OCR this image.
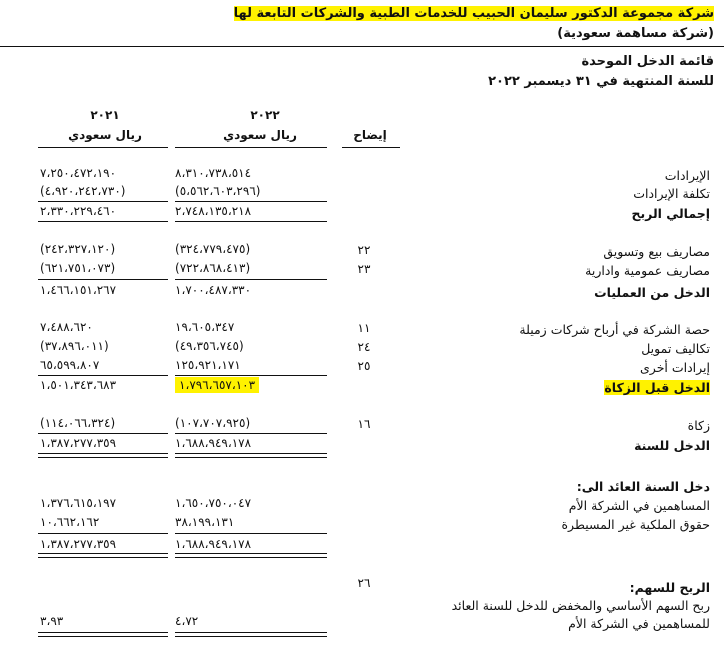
شركة مجموعة الدكتور سليمان الحبيب للخدمات الطبية والشركات التابعة لها
(شركة مساهمة سعودية)
قائمة الدخل الموحدة
للسنة المنتهية في ٣١ ديسمبر ٢٠٢٢
٢٠٢٢
٢٠٢١
ريال سعودي
ريال سعودي	إيضاح
الإيرادات
٨،٣١٠،٧٣٨،٥١٤
٧،٢٥٠،٤٧٢،١٩٠
تكلفة الإيرادات
(٥،٥٦٢،٦٠٣،٢٩٦)
(٤،٩٢٠،٢٤٢،٧٣٠)
إجمالي الربح
٢،٧٤٨،١٣٥،٢١٨
٢،٣٣٠،٢٢٩،٤٦٠
مصاريف بيع وتسويق
٢٢
(٣٢٤،٧٧٩،٤٧٥)
(٢٤٢،٣٢٧،١٢٠)
مصاريف عمومية وادارية
٢٣
(٧٢٢،٨٦٨،٤١٣)
(٦٢١،٧٥١،٠٧٣)
الدخل من العمليات
١،٧٠٠،٤٨٧،٣٣٠
١،٤٦٦،١٥١،٢٦٧
حصة الشركة في أرباح شركات زميلة
١١
١٩،٦٠٥،٣٤٧
٧،٤٨٨،٦٢٠
تكاليف تمويل
٢٤
(٤٩،٣٥٦،٧٤٥)
(٣٧،٨٩٦،٠١١)
إيرادات أخرى
٢٥
١٢٥،٩٢١،١٧١
٦٥،٥٩٩،٨٠٧
الدخل قبل الزكاة
١،٧٩٦،٦٥٧،١٠٣
١،٥٠١،٣٤٣،٦٨٣
زكاة
١٦
(١٠٧،٧٠٧،٩٢٥)
(١١٤،٠٦٦،٣٢٤)
الدخل للسنة
١،٦٨٨،٩٤٩،١٧٨
١،٣٨٧،٢٧٧،٣٥٩
دخل السنة العائد الى:
المساهمين في الشركة الأم
١،٦٥٠،٧٥٠،٠٤٧
١،٣٧٦،٦١٥،١٩٧
حقوق الملكية غير المسيطرة
٣٨،١٩٩،١٣١
١٠،٦٦٢،١٦٢
١،٦٨٨،٩٤٩،١٧٨
١،٣٨٧،٢٧٧،٣٥٩
الربح للسهم:
٢٦
ربح السهم الأساسي والمخفض للدخل للسنة العائد
للمساهمين في الشركة الأم
٤،٧٢
٣،٩٣
